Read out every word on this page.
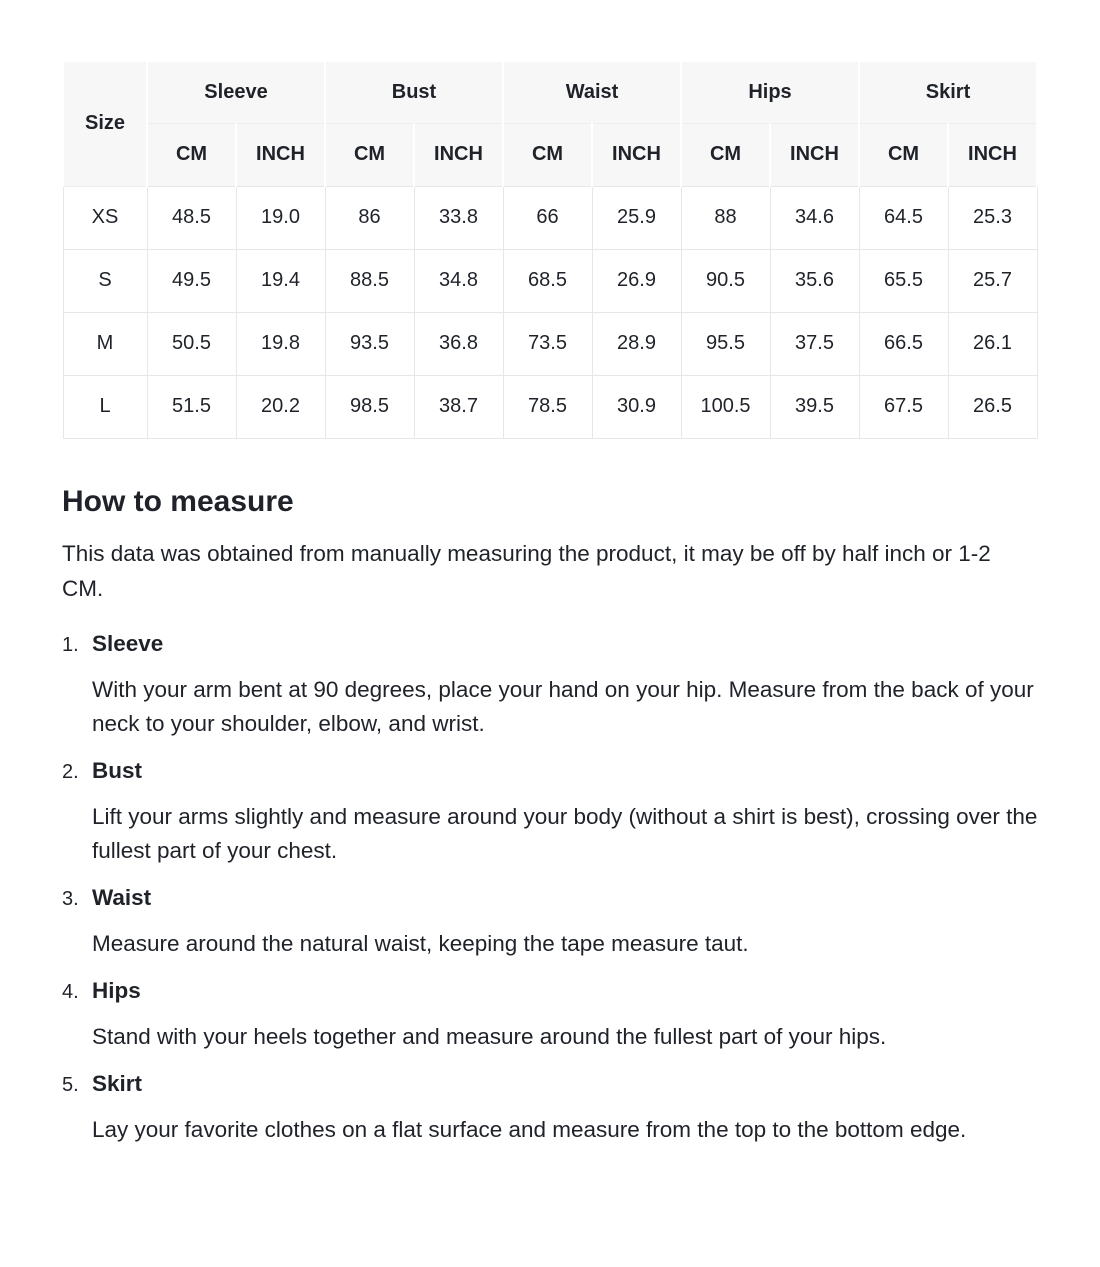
Size	Sleeve		Bust		Waist		Hips		Skirt	
	CM	INCH	CM	INCH	CM	INCH	CM	INCH	CM	INCH
XS	48.5	19.0	86	33.8	66	25.9	88	34.6	64.5	25.3
S	49.5	19.4	88.5	34.8	68.5	26.9	90.5	35.6	65.5	25.7
M	50.5	19.8	93.5	36.8	73.5	28.9	95.5	37.5	66.5	26.1
L	51.5	20.2	98.5	38.7	78.5	30.9	100.5	39.5	67.5	26.5
How to measure

This data was obtained from manually measuring the product, it may be off by half inch or 1-2 CM.

1. Sleeve
With your arm bent at 90 degrees, place your hand on your hip. Measure from the back of your neck to your shoulder, elbow, and wrist.
2. Bust
Lift your arms slightly and measure around your body (without a shirt is best), crossing over the fullest part of your chest.
3. Waist
Measure around the natural waist, keeping the tape measure taut.
4. Hips
Stand with your heels together and measure around the fullest part of your hips.
5. Skirt
Lay your favorite clothes on a flat surface and measure from the top to the bottom edge.
